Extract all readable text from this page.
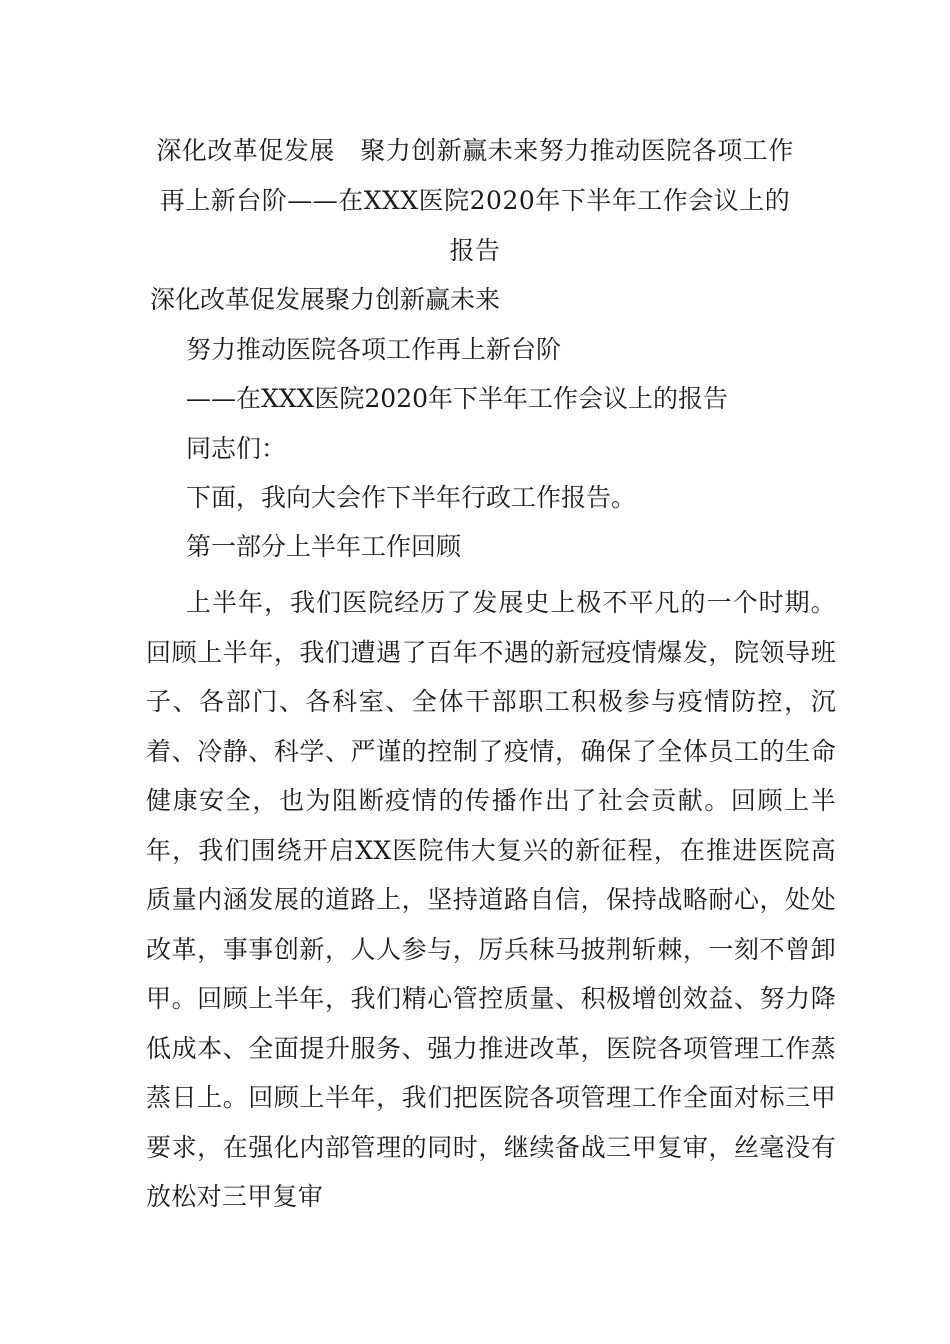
深化改革促发展　聚力创新赢未来努力推动医院各项工作
再上新台阶——在XXX医院2020年下半年工作会议上的
报告
深化改革促发展聚力创新赢未来
努力推动医院各项工作再上新台阶
——在XXX医院2020年下半年工作会议上的报告
同志们：
下面，我向大会作下半年行政工作报告。
第一部分上半年工作回顾
上半年，我们医院经历了发展史上极不平凡的一个时期。回顾上半年，我们遭遇了百年不遇的新冠疫情爆发，院领导班子、各部门、各科室、全体干部职工积极参与疫情防控，沉着、冷静、科学、严谨的控制了疫情，确保了全体员工的生命健康安全，也为阻断疫情的传播作出了社会贡献。回顾上半年，我们围绕开启XX医院伟大复兴的新征程，在推进医院高质量内涵发展的道路上，坚持道路自信，保持战略耐心，处处改革，事事创新，人人参与，厉兵秣马披荆斩棘，一刻不曾卸甲。回顾上半年，我们精心管控质量、积极增创效益、努力降低成本、全面提升服务、强力推进改革，医院各项管理工作蒸蒸日上。回顾上半年，我们把医院各项管理工作全面对标三甲要求，在强化内部管理的同时，继续备战三甲复审，丝毫没有放松对三甲复审
